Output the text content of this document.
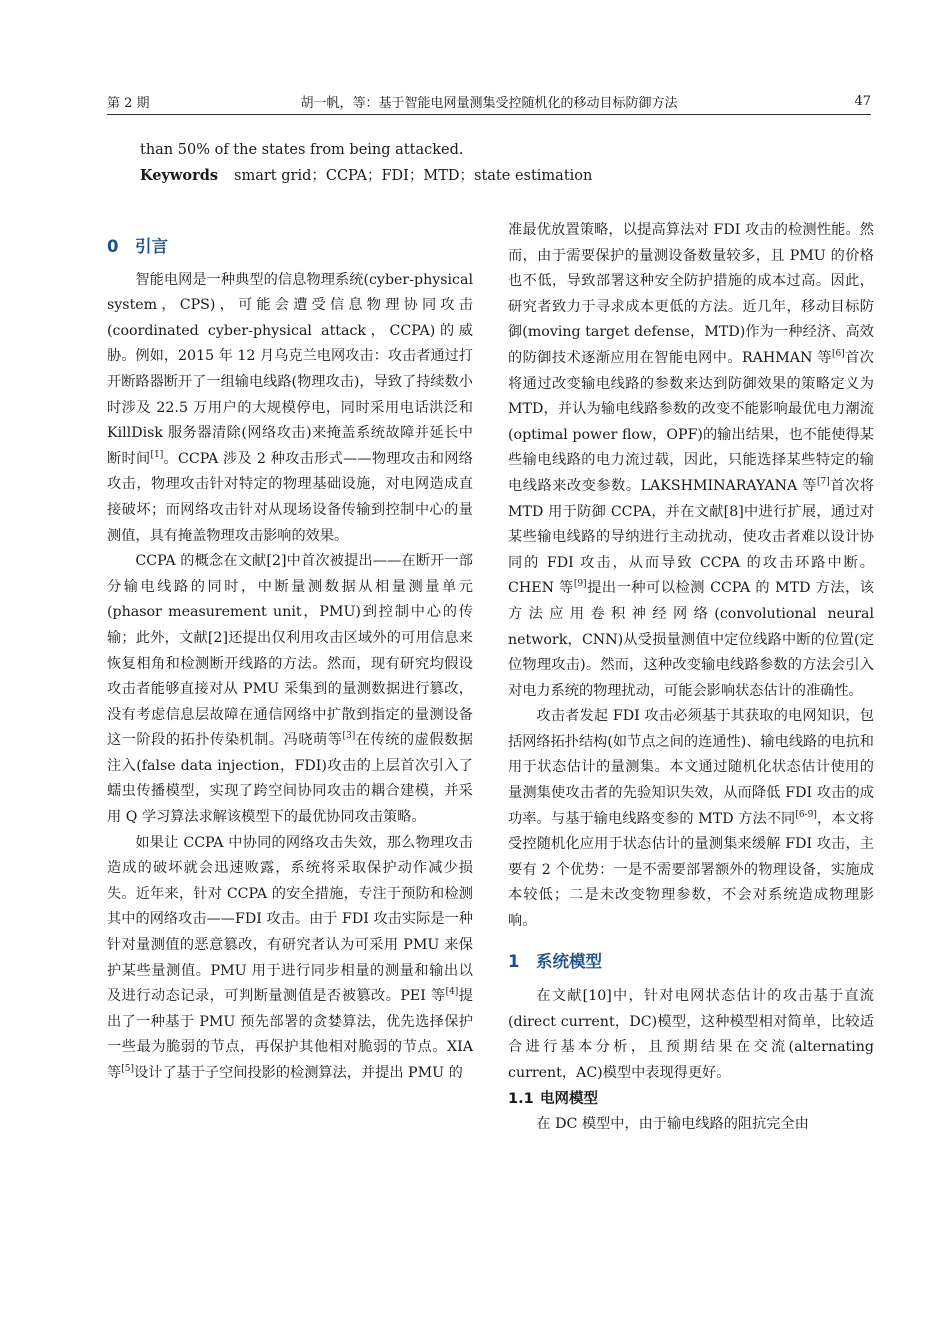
第 2 期	胡一帆，等：基于智能电网量测集受控随机化的移动目标防御方法	47
than 50% of the states from being attacked.
Keywords smart grid；CCPA；FDI；MTD；state estimation
0 引言

智能电网是一种典型的信息物理系统(cyber-physical system，CPS)，可能会遭受信息物理协同攻击(coordinated cyber-physical attack，CCPA)的威胁。例如，2015 年 12 月乌克兰电网攻击：攻击者通过打开断路器断开了一组输电线路(物理攻击)，导致了持续数小时涉及 22.5 万用户的大规模停电，同时采用电话洪泛和 KillDisk 服务器清除(网络攻击)来掩盖系统故障并延长中断时间[1]。CCPA 涉及 2 种攻击形式——物理攻击和网络攻击，物理攻击针对特定的物理基础设施，对电网造成直接破坏；而网络攻击针对从现场设备传输到控制中心的量测值，具有掩盖物理攻击影响的效果。

CCPA 的概念在文献[2]中首次被提出——在断开一部分输电线路的同时，中断量测数据从相量测量单元(phasor measurement unit，PMU)到控制中心的传输；此外，文献[2]还提出仅利用攻击区域外的可用信息来恢复相角和检测断开线路的方法。然而，现有研究均假设攻击者能够直接对从 PMU 采集到的量测数据进行篡改，没有考虑信息层故障在通信网络中扩散到指定的量测设备这一阶段的拓扑传染机制。冯晓萌等[3]在传统的虚假数据注入(false data injection，FDI)攻击的上层首次引入了蠕虫传播模型，实现了跨空间协同攻击的耦合建模，并采用 Q 学习算法求解该模型下的最优协同攻击策略。

如果让 CCPA 中协同的网络攻击失效，那么物理攻击造成的破坏就会迅速败露，系统将采取保护动作减少损失。近年来，针对 CCPA 的安全措施，专注于预防和检测其中的网络攻击——FDI 攻击。由于 FDI 攻击实际是一种针对量测值的恶意篡改，有研究者认为可采用 PMU 来保护某些量测值。PMU 用于进行同步相量的测量和输出以及进行动态记录，可判断量测值是否被篡改。PEI 等[4]提出了一种基于 PMU 预先部署的贪婪算法，优先选择保护一些最为脆弱的节点，再保护其他相对脆弱的节点。XIA 等[5]设计了基于子空间投影的检测算法，并提出 PMU 的

准最优放置策略，以提高算法对 FDI 攻击的检测性能。然而，由于需要保护的量测设备数量较多，且 PMU 的价格也不低，导致部署这种安全防护措施的成本过高。因此，研究者致力于寻求成本更低的方法。近几年，移动目标防御(moving target defense，MTD)作为一种经济、高效的防御技术逐渐应用在智能电网中。RAHMAN 等[6]首次将通过改变输电线路的参数来达到防御效果的策略定义为 MTD，并认为输电线路参数的改变不能影响最优电力潮流(optimal power flow，OPF)的输出结果，也不能使得某些输电线路的电力流过载，因此，只能选择某些特定的输电线路来改变参数。LAKSHMINARAYANA 等[7]首次将 MTD 用于防御 CCPA，并在文献[8]中进行扩展，通过对某些输电线路的导纳进行主动扰动，使攻击者难以设计协同的 FDI 攻击，从而导致 CCPA 的攻击环路中断。CHEN 等[9]提出一种可以检测 CCPA 的 MTD 方法，该方法应用卷积神经网络(convolutional neural network，CNN)从受损量测值中定位线路中断的位置(定位物理攻击)。然而，这种改变输电线路参数的方法会引入对电力系统的物理扰动，可能会影响状态估计的准确性。

攻击者发起 FDI 攻击必须基于其获取的电网知识，包括网络拓扑结构(如节点之间的连通性)、输电线路的电抗和用于状态估计的量测集。本文通过随机化状态估计使用的量测集使攻击者的先验知识失效，从而降低 FDI 攻击的成功率。与基于输电线路变参的 MTD 方法不同[6-9]，本文将受控随机化应用于状态估计的量测集来缓解 FDI 攻击，主要有 2 个优势：一是不需要部署额外的物理设备，实施成本较低；二是未改变物理参数，不会对系统造成物理影响。

1 系统模型

在文献[10]中，针对电网状态估计的攻击基于直流(direct current，DC)模型，这种模型相对简单，比较适合进行基本分析，且预期结果在交流(alternating current，AC)模型中表现得更好。

1.1 电网模型

在 DC 模型中，由于输电线路的阻抗完全由
